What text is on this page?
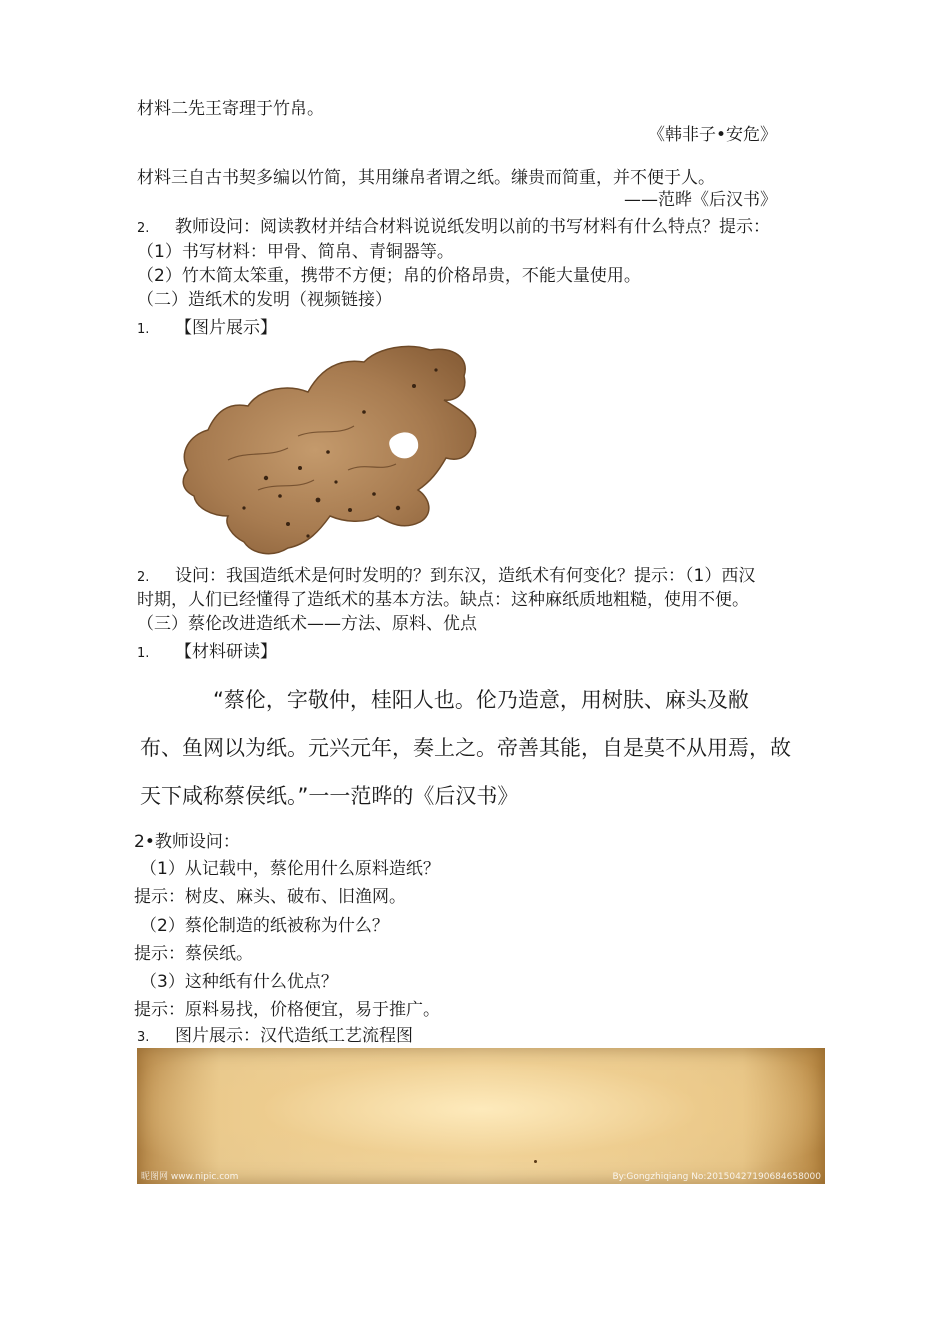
材料二先王寄理于竹帛。
《韩非子•安危》
材料三自古书契多编以竹简，其用缣帛者谓之纸。缣贵而简重，并不便于人。
——范晔《后汉书》
2. 教师设问：阅读教材并结合材料说说纸发明以前的书写材料有什么特点？提示：
（1）书写材料：甲骨、简帛、青铜器等。
（2）竹木简太笨重，携带不方便；帛的价格昂贵，不能大量使用。
（二）造纸术的发明（视频链接）
1. 【图片展示】
2. 设问：我国造纸术是何时发明的？到东汉，造纸术有何变化？提示：（1）西汉
时期，人们已经懂得了造纸术的基本方法。缺点：这种麻纸质地粗糙，使用不便。
（三）蔡伦改进造纸术——方法、原料、优点
1. 【材料研读】
“蔡伦，字敬仲，桂阳人也。伦乃造意，用树肤、麻头及敝
布、鱼网以为纸。元兴元年，奏上之。帝善其能，自是莫不从用焉，故
天下咸称蔡侯纸。”一一范晔的《后汉书》
2•教师设问：
（1）从记载中，蔡伦用什么原料造纸？
提示：树皮、麻头、破布、旧渔网。
（2）蔡伦制造的纸被称为什么？
提示：蔡侯纸。
（3）这种纸有什么优点？
提示：原料易找，价格便宜，易于推广。
3. 图片展示：汉代造纸工艺流程图
昵图网 www.nipic.com	By:Gongzhiqiang No:20150427190684658000
